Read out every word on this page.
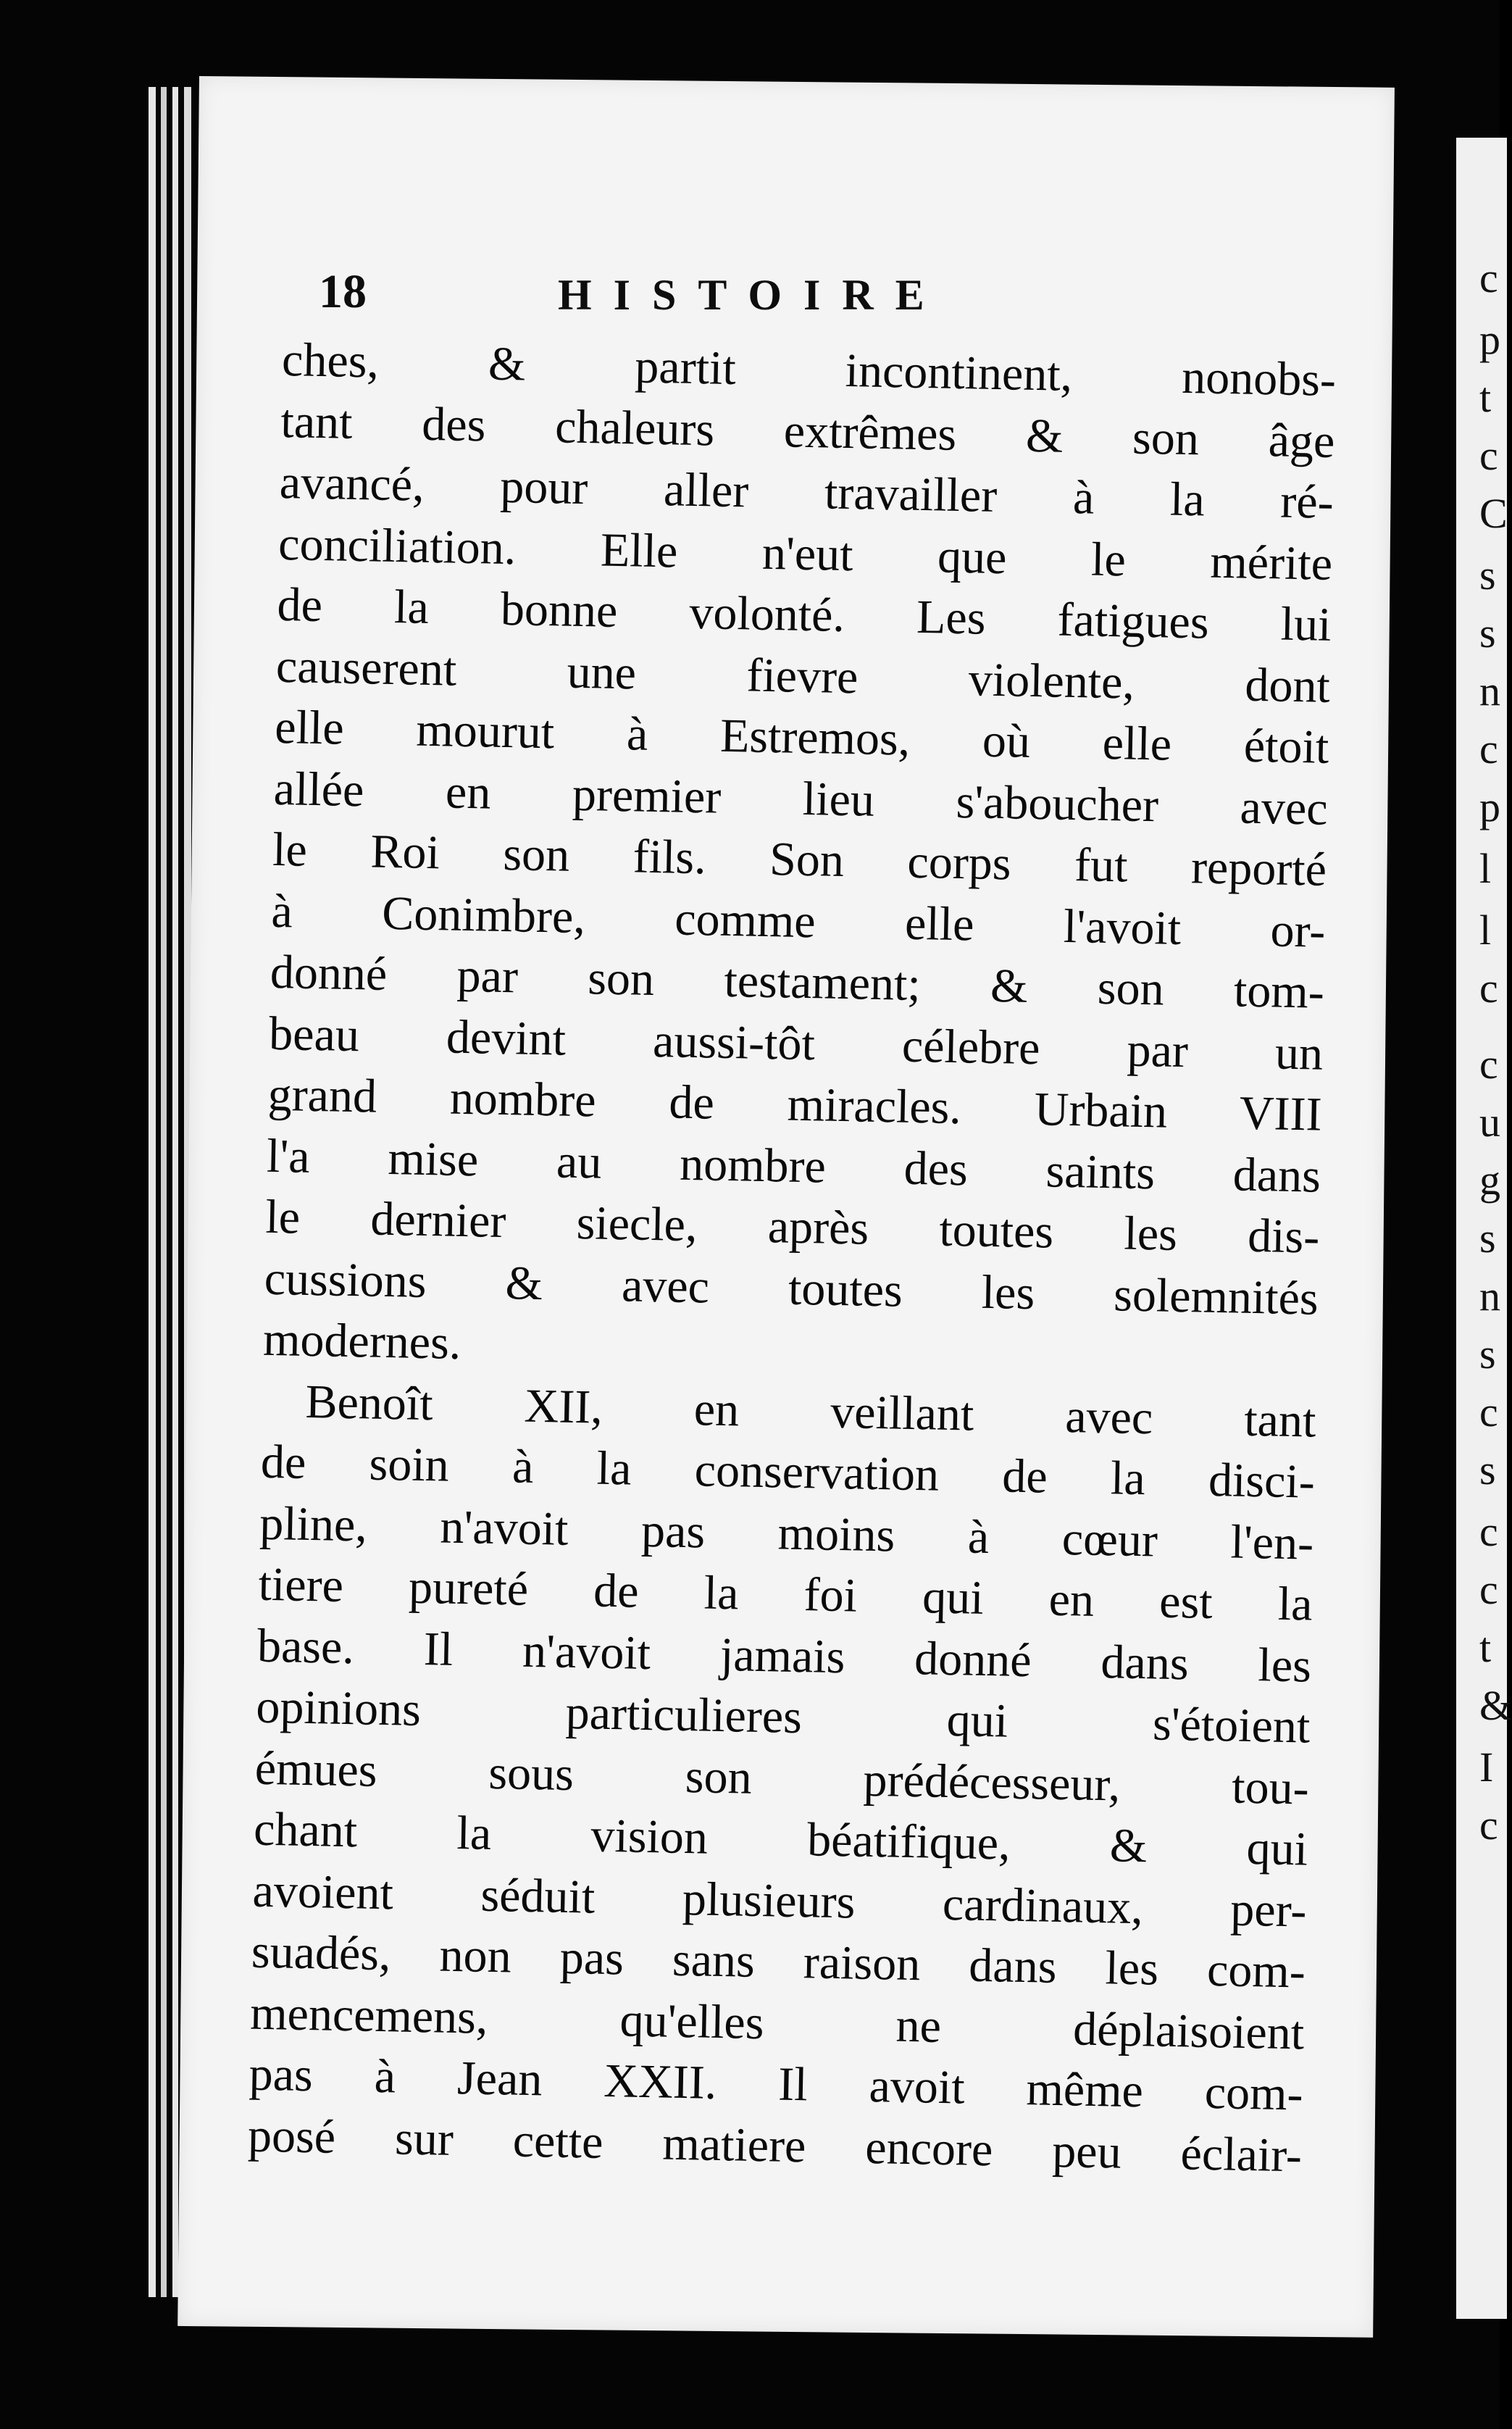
c
p
t
c
C
s
s
n
c
p
l
l
c
c
u
g
s
n
s
c
s
c
c
t
&
I
c
18	HISTOIRE
ches, & partit incontinent, nonobs-
tant des chaleurs extrêmes & son âge
avancé, pour aller travailler à la ré-
conciliation. Elle n'eut que le mérite
de la bonne volonté. Les fatigues lui
causerent une fievre violente, dont
elle mourut à Estremos, où elle étoit
allée en premier lieu s'aboucher avec
le Roi son fils. Son corps fut reporté
à Conimbre, comme elle l'avoit or-
donné par son testament; & son tom-
beau devint aussi-tôt célebre par un
grand nombre de miracles. Urbain VIII
l'a mise au nombre des saints dans
le dernier siecle, après toutes les dis-
cussions & avec toutes les solemnités
modernes.
Benoît XII, en veillant avec tant
de soin à la conservation de la disci-
pline, n'avoit pas moins à cœur l'en-
tiere pureté de la foi qui en est la
base. Il n'avoit jamais donné dans les
opinions particulieres qui s'étoient
émues sous son prédécesseur, tou-
chant la vision béatifique, & qui
avoient séduit plusieurs cardinaux, per-
suadés, non pas sans raison dans les com-
mencemens, qu'elles ne déplaisoient
pas à Jean XXII. Il avoit même com-
posé sur cette matiere encore peu éclair-
